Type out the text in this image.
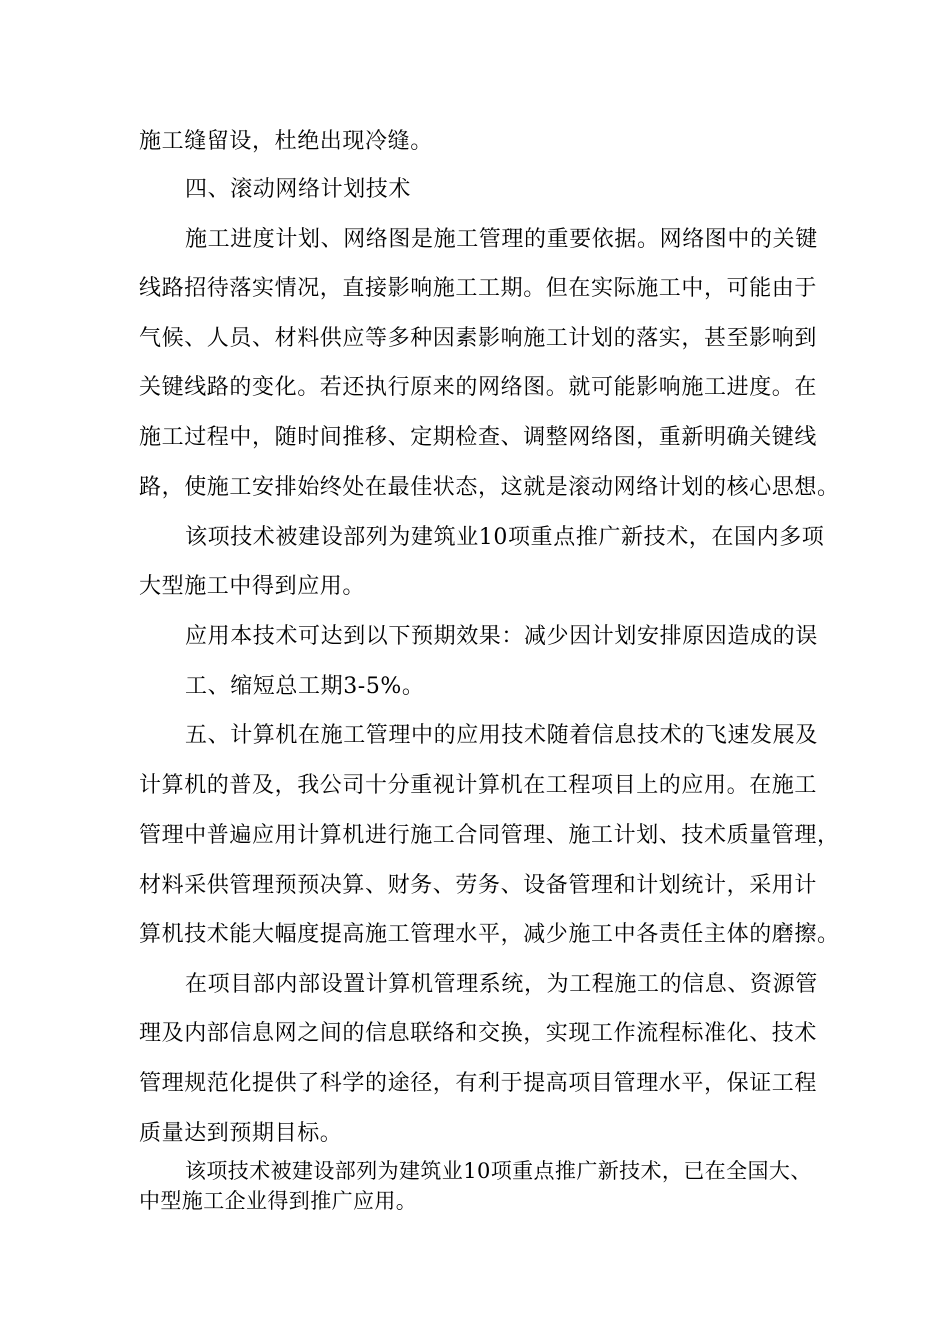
施工缝留设，杜绝出现冷缝。
四、滚动网络计划技术
施工进度计划、网络图是施工管理的重要依据。网络图中的关键
线路招待落实情况，直接影响施工工期。但在实际施工中，可能由于
气候、人员、材料供应等多种因素影响施工计划的落实，甚至影响到
关键线路的变化。若还执行原来的网络图。就可能影响施工进度。在
施工过程中，随时间推移、定期检查、调整网络图，重新明确关键线
路，使施工安排始终处在最佳状态，这就是滚动网络计划的核心思想。
该项技术被建设部列为建筑业10项重点推广新技术，在国内多项
大型施工中得到应用。
应用本技术可达到以下预期效果：减少因计划安排原因造成的误
工、缩短总工期3-5%。
五、计算机在施工管理中的应用技术随着信息技术的飞速发展及
计算机的普及，我公司十分重视计算机在工程项目上的应用。在施工
管理中普遍应用计算机进行施工合同管理、施工计划、技术质量管理，
材料采供管理预预决算、财务、劳务、设备管理和计划统计，采用计
算机技术能大幅度提高施工管理水平，减少施工中各责任主体的磨擦。
在项目部内部设置计算机管理系统，为工程施工的信息、资源管
理及内部信息网之间的信息联络和交换，实现工作流程标准化、技术
管理规范化提供了科学的途径，有利于提高项目管理水平，保证工程
质量达到预期目标。
该项技术被建设部列为建筑业10项重点推广新技术，已在全国大、
中型施工企业得到推广应用。
